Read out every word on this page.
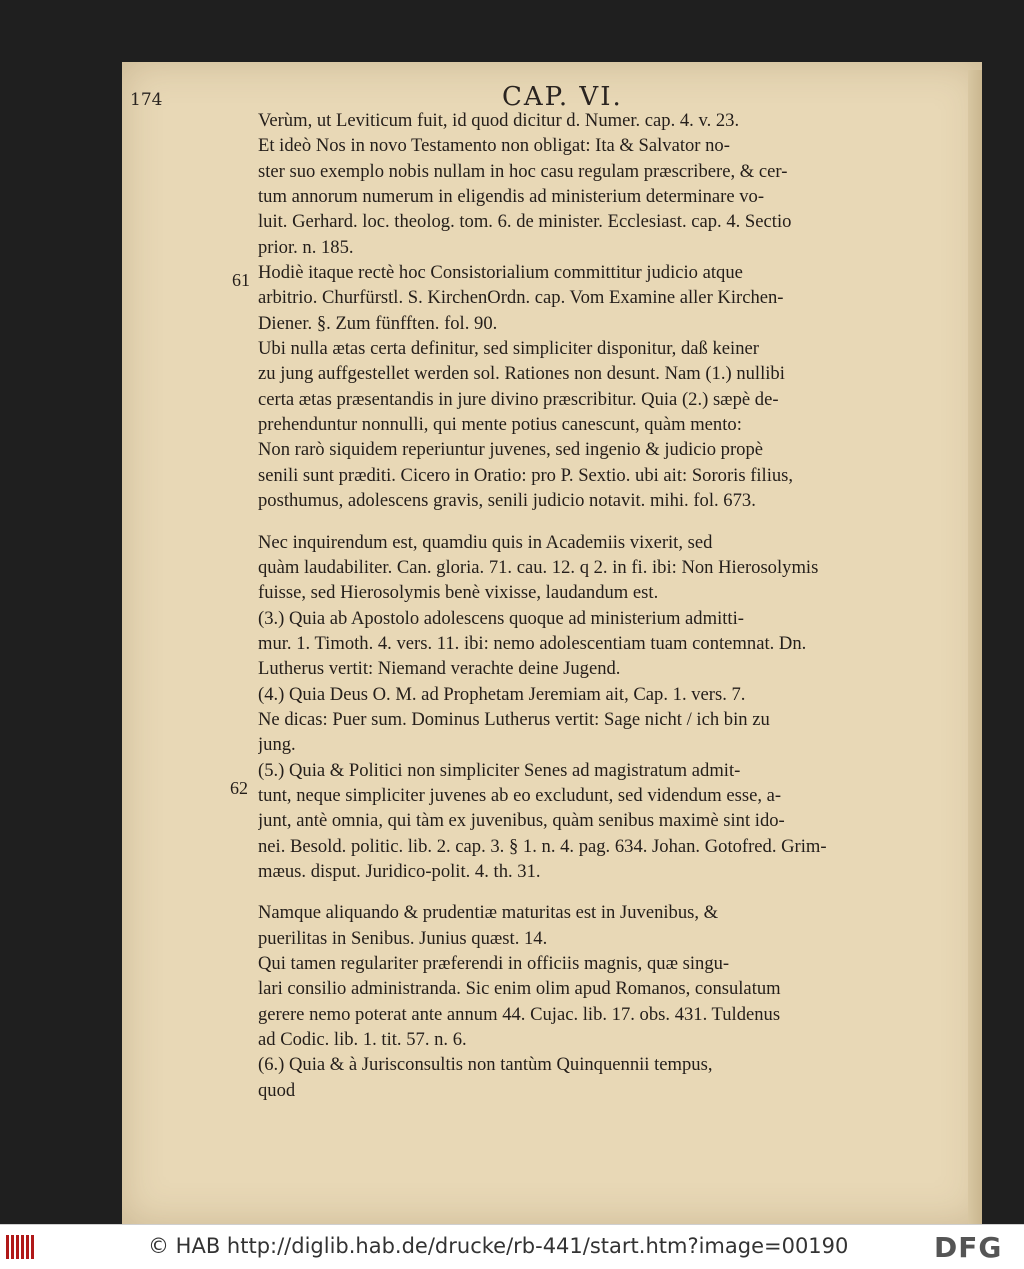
174	CAP. VI.
61
62
Verùm, ut Leviticum fuit, id quod dicitur d. Numer. cap. 4. v. 23.
Et ideò Nos in novo Testamento non obligat: Ita & Salvator no-
ster suo exemplo nobis nullam in hoc casu regulam præscribere, & cer-
tum annorum numerum in eligendis ad ministerium determinare vo-
luit. Gerhard. loc. theolog. tom. 6. de minister. Ecclesiast. cap. 4. Sectio
prior. n. 185.
Hodiè itaque rectè hoc Consistorialium committitur judicio atque
arbitrio. Churfürstl. S. KirchenOrdn. cap. Vom Examine aller Kirchen-
Diener. §. Zum fünfften. fol. 90.
Ubi nulla ætas certa definitur, sed simpliciter disponitur, daß keiner
zu jung auffgestellet werden sol. Rationes non desunt. Nam (1.) nullibi
certa ætas præsentandis in jure divino præscribitur. Quia (2.) sæpè de-
prehenduntur nonnulli, qui mente potius canescunt, quàm mento:
Non rarò siquidem reperiuntur juvenes, sed ingenio & judicio propè
senili sunt præditi. Cicero in Oratio: pro P. Sextio. ubi ait: Sororis filius,
posthumus, adolescens gravis, senili judicio notavit. mihi. fol. 673.
Nec inquirendum est, quamdiu quis in Academiis vixerit, sed
quàm laudabiliter. Can. gloria. 71. cau. 12. q 2. in fi. ibi: Non Hierosolymis
fuisse, sed Hierosolymis benè vixisse, laudandum est.
(3.) Quia ab Apostolo adolescens quoque ad ministerium admitti-
mur. 1. Timoth. 4. vers. 11. ibi: nemo adolescentiam tuam contemnat. Dn.
Lutherus vertit: Niemand verachte deine Jugend.
(4.) Quia Deus O. M. ad Prophetam Jeremiam ait, Cap. 1. vers. 7.
Ne dicas: Puer sum. Dominus Lutherus vertit: Sage nicht / ich bin zu
jung.
(5.) Quia & Politici non simpliciter Senes ad magistratum admit-
tunt, neque simpliciter juvenes ab eo excludunt, sed videndum esse, a-
junt, antè omnia, qui tàm ex juvenibus, quàm senibus maximè sint ido-
nei. Besold. politic. lib. 2. cap. 3. § 1. n. 4. pag. 634. Johan. Gotofred. Grim-
mæus. disput. Juridico-polit. 4. th. 31.
Namque aliquando & prudentiæ maturitas est in Juvenibus, &
puerilitas in Senibus. Junius quæst. 14.
Qui tamen regulariter præferendi in officiis magnis, quæ singu-
lari consilio administranda. Sic enim olim apud Romanos, consulatum
gerere nemo poterat ante annum 44. Cujac. lib. 17. obs. 431. Tuldenus
ad Codic. lib. 1. tit. 57. n. 6.
(6.) Quia & à Jurisconsultis non tantùm Quinquennii tempus,
quod
© HAB http://diglib.hab.de/drucke/rb-441/start.htm?image=00190	DFG
